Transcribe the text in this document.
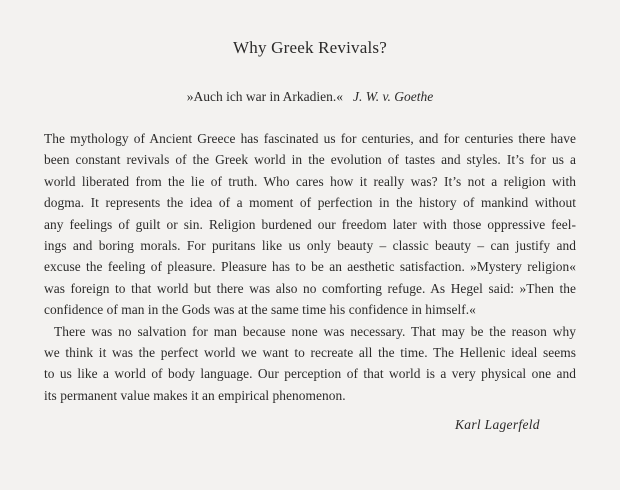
Why Greek Revivals?
»Auch ich war in Arkadien.« J. W. v. Goethe
The mythology of Ancient Greece has fascinated us for centuries, and for centuries there have
been constant revivals of the Greek world in the evolution of tastes and styles. It’s for us a
world liberated from the lie of truth. Who cares how it really was? It’s not a religion with
dogma. It represents the idea of a moment of perfection in the history of mankind without
any feelings of guilt or sin. Religion burdened our freedom later with those oppressive feel-
ings and boring morals. For puritans like us only beauty – classic beauty – can justify and
excuse the feeling of pleasure. Pleasure has to be an aesthetic satisfaction. »Mystery religion«
was foreign to that world but there was also no comforting refuge. As Hegel said: »Then the
confidence of man in the Gods was at the same time his confidence in himself.«
There was no salvation for man because none was necessary. That may be the reason why
we think it was the perfect world we want to recreate all the time. The Hellenic ideal seems
to us like a world of body language. Our perception of that world is a very physical one and
its permanent value makes it an empirical phenomenon.
Karl Lagerfeld
